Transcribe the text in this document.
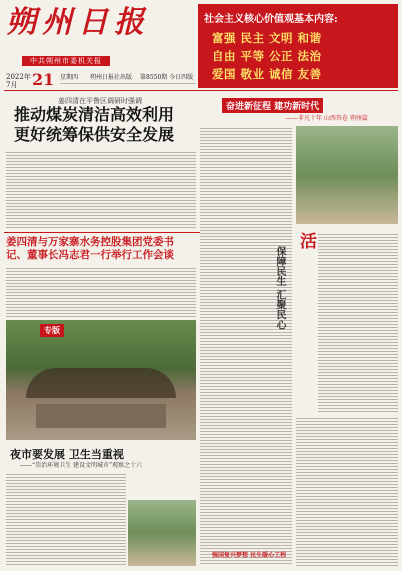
朔州日报
中共朔州市委机关报
社会主义核心价值观基本内容:
富强 民主 文明 和谐
自由 平等 公正 法治
爱国 敬业 诚信 友善
2022年
7月 21 星期四 朔州日报社出版 第8550期 今日四版
姜四清在平鲁区调研时强调
推动煤炭清洁高效利用
更好统筹保供安全发展
姜四清与万家寨水务控股集团党委书记、董事长冯志君一行举行工作会谈
专版
夜市要发展 卫生当重视
——“崇治环境卫生 建设文明城市”观察之十六
奋进新征程 建功新时代
——非凡十年 山西答卷 朔州篇
活
保障民生 汇聚民心
强国复兴梦想 民生暖心工程
